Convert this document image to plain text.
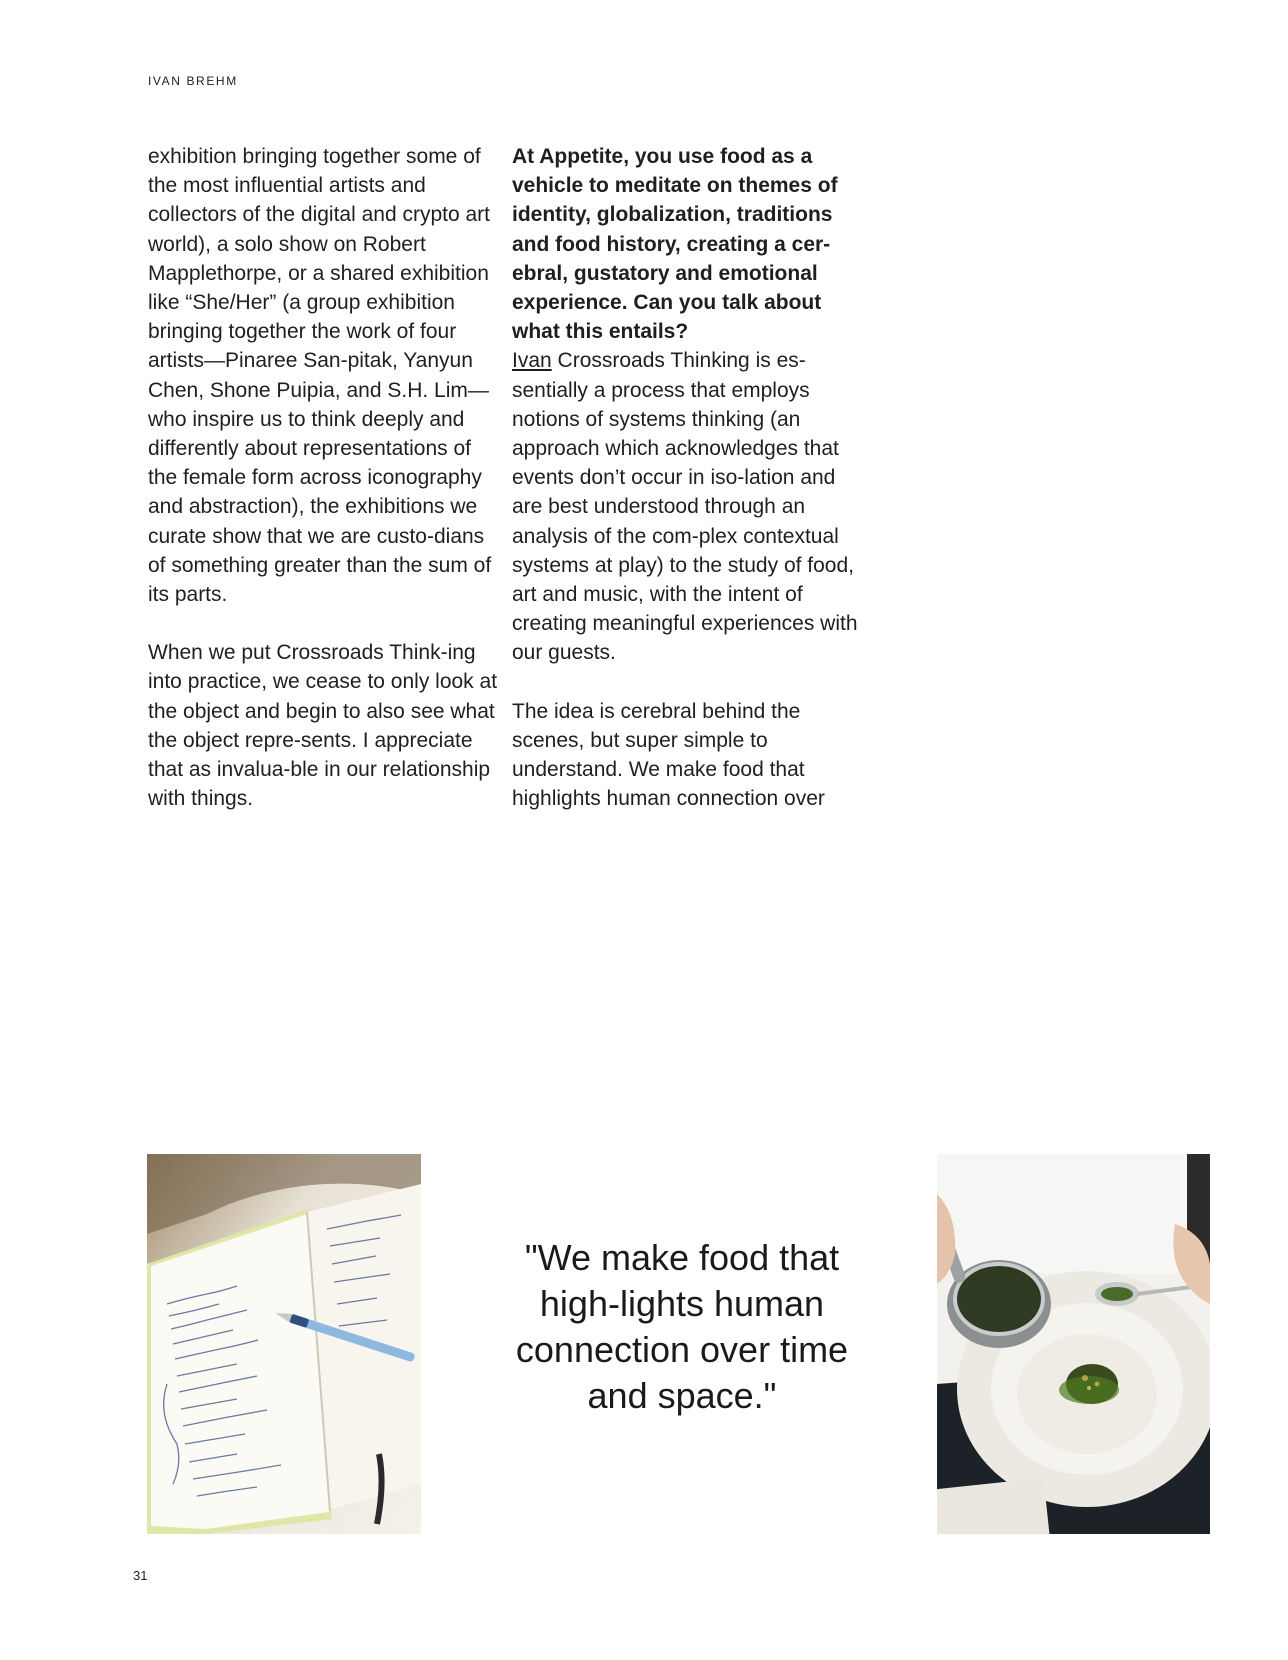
IVAN BREHM

exhibition bringing together some of the most influential artists and collectors of the digital and crypto art world), a solo show on Robert Mapplethorpe, or a shared exhibition like “She/Her” (a group exhibition bringing together the work of four artists—Pinaree San-pitak, Yanyun Chen, Shone Puipia, and S.H. Lim—who inspire us to think deeply and differently about representations of the female form across iconography and abstraction), the exhibitions we curate show that we are custo-dians of something greater than the sum of its parts.

When we put Crossroads Think-ing into practice, we cease to only look at the object and begin to also see what the object repre-sents. I appreciate that as invalua-ble in our relationship with things.

At Appetite, you use food as a vehicle to meditate on themes of identity, globalization, traditions and food history, creating a cer-ebral, gustatory and emotional experience. Can you talk about what this entails?

Ivan Crossroads Thinking is es-sentially a process that employs notions of systems thinking (an approach which acknowledges that events don’t occur in iso-lation and are best understood through an analysis of the com-plex contextual systems at play) to the study of food, art and music, with the intent of creating meaningful experiences with our guests.

The idea is cerebral behind the scenes, but super simple to understand. We make food that highlights human connection over

"We make food that high-lights human connection over time and space."
31
